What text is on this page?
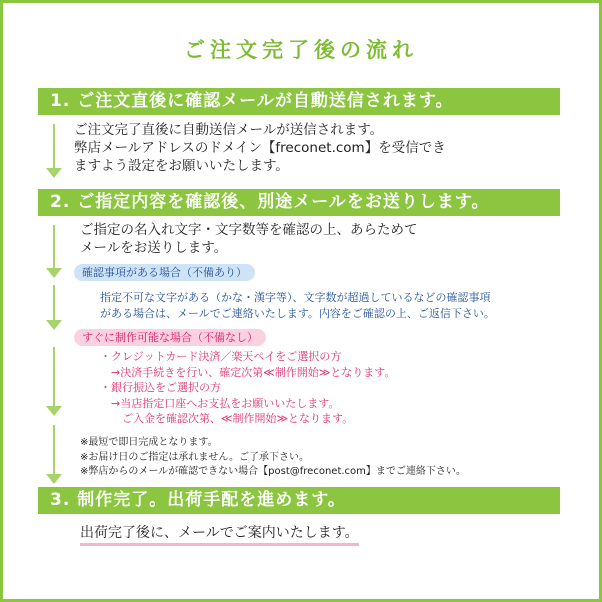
ご注文完了後の流れ
1. ご注文直後に確認メールが自動送信されます。
ご注文完了直後に自動送信メールが送信されます。
弊店メールアドレスのドメイン【freconet.com】を受信でき
ますよう設定をお願いいたします。
2. ご指定内容を確認後、別途メールをお送りします。
ご指定の名入れ文字・文字数等を確認の上、あらためて
メールをお送りします。
確認事項がある場合（不備あり）
指定不可な文字がある（かな・漢字等）、文字数が超過しているなどの確認事項
がある場合は、メールでご連絡いたします。内容をご確認の上、ご返信下さい。
すぐに制作可能な場合（不備なし）
・クレジットカード決済／楽天ペイをご選択の方
　→決済手続きを行い、確定次第≪制作開始≫となります。
・銀行振込をご選択の方
　→当店指定口座へお支払をお願いいたします。
　　ご入金を確認次第、≪制作開始≫となります。
※最短で即日完成となります。
※お届け日のご指定は承れません。ご了承下さい。
※弊店からのメールが確認できない場合【post@freconet.com】までご連絡下さい。
3. 制作完了。出荷手配を進めます。
出荷完了後に、メールでご案内いたします。
